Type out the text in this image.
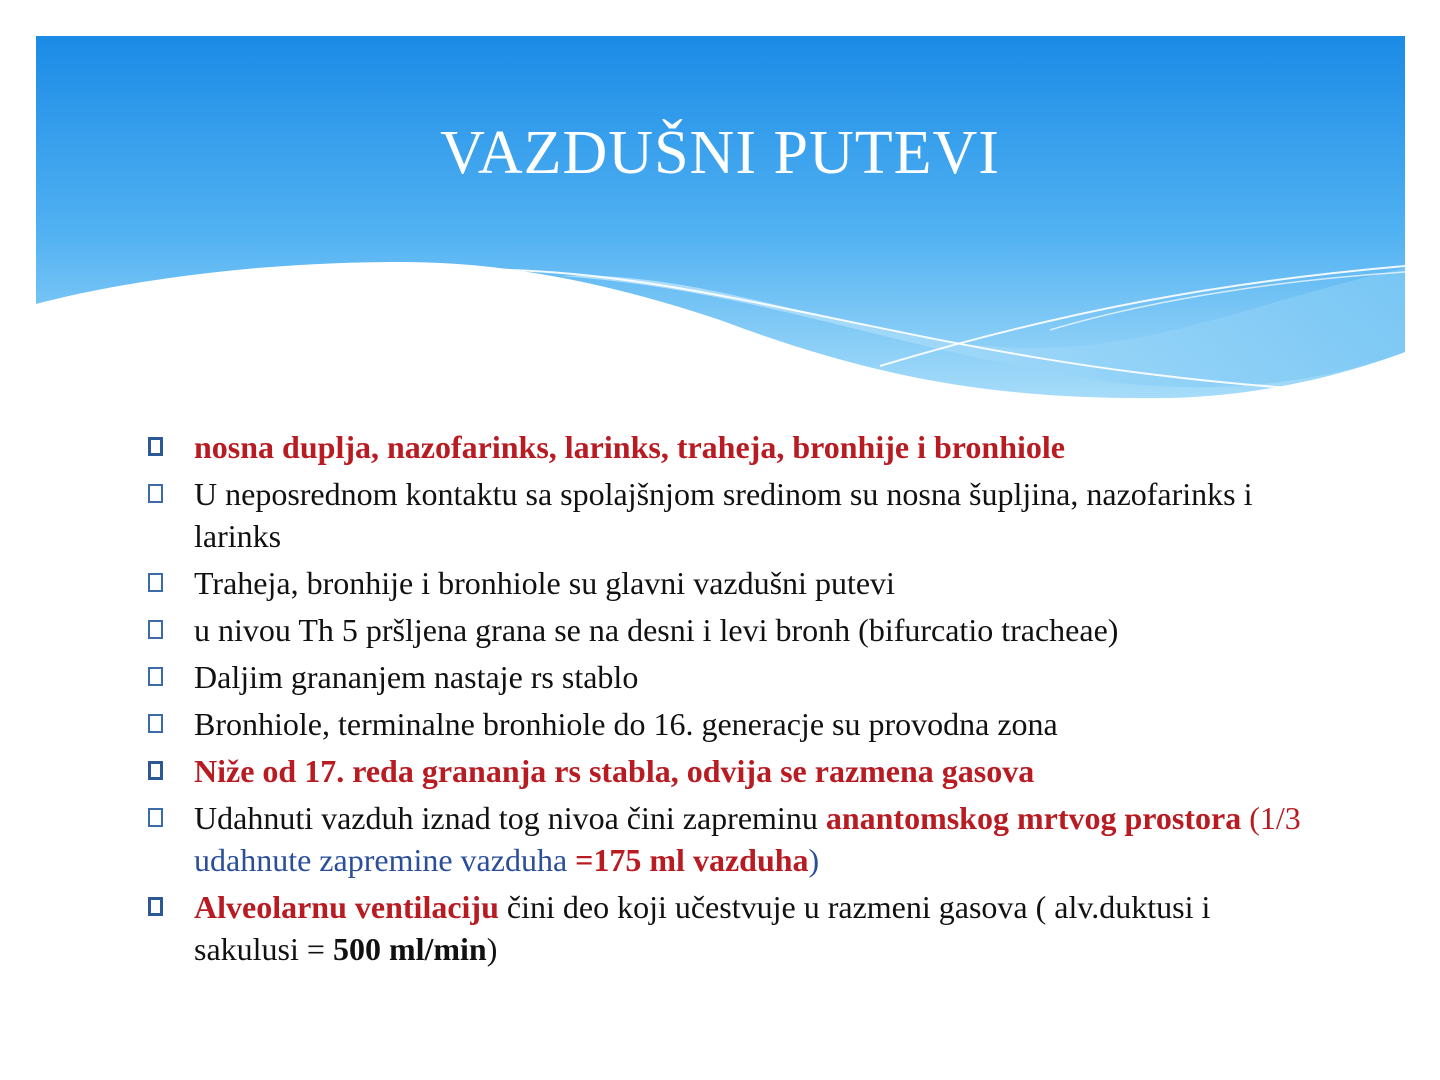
VAZDUŠNI PUTEVI
nosna duplja, nazofarinks, larinks, traheja, bronhije i bronhiole
U neposrednom kontaktu sa spolajšnjom sredinom su nosna šupljina, nazofarinks i larinks
Traheja, bronhije i bronhiole su glavni vazdušni putevi
u nivou Th 5 pršljena grana se na desni i levi bronh (bifurcatio tracheae)
Daljim grananjem nastaje rs stablo
Bronhiole, terminalne bronhiole do 16. generacje su provodna zona
Niže od 17. reda grananja rs stabla, odvija se razmena gasova
Udahnuti vazduh iznad tog nivoa čini zapreminu anantomskog mrtvog prostora (1/3 udahnute zapremine vazduha =175 ml vazduha)
Alveolarnu ventilaciju čini deo koji učestvuje u razmeni gasova ( alv.duktusi i sakulusi = 500 ml/min)
